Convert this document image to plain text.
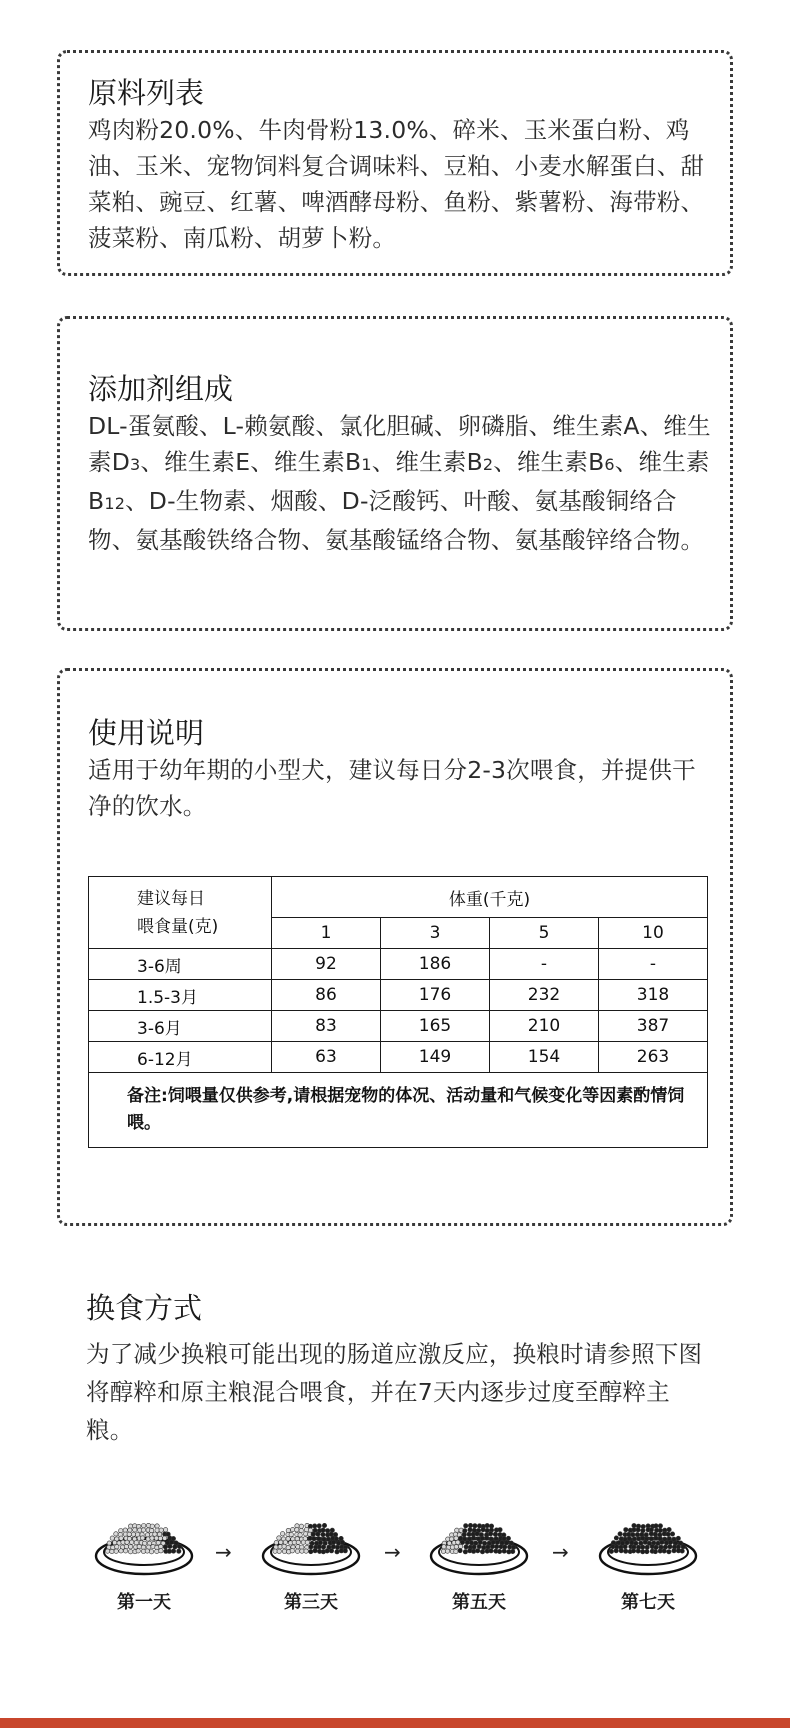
原料列表

鸡肉粉20.0%、牛肉骨粉13.0%、碎米、玉米蛋白粉、鸡油、玉米、宠物饲料复合调味料、豆粕、小麦水解蛋白、甜菜粕、豌豆、红薯、啤酒酵母粉、鱼粉、紫薯粉、海带粉、菠菜粉、南瓜粉、胡萝卜粉。

添加剂组成

DL-蛋氨酸、L-赖氨酸、氯化胆碱、卵磷脂、维生素A、维生素D3、维生素E、维生素B1、维生素B2、维生素B6、维生素B12、D-生物素、烟酸、D-泛酸钙、叶酸、氨基酸铜络合物、氨基酸铁络合物、氨基酸锰络合物、氨基酸锌络合物。

使用说明

适用于幼年期的小型犬，建议每日分2-3次喂食，并提供干净的饮水。

建议每日
喂食量(克)	体重(千克)			
	1	3	5	10
3-6周	92	186	-	-
1.5-3月	86	176	232	318
3-6月	83	165	210	387
6-12月	63	149	154	263
备注:饲喂量仅供参考,请根据宠物的体况、活动量和气候变化等因素酌情饲喂。				
换食方式

为了减少换粮可能出现的肠道应激反应，换粮时请参照下图将醇粹和原主粮混合喂食，并在7天内逐步过度至醇粹主粮。

第一天
→
第三天
→
第五天
→
第七天
